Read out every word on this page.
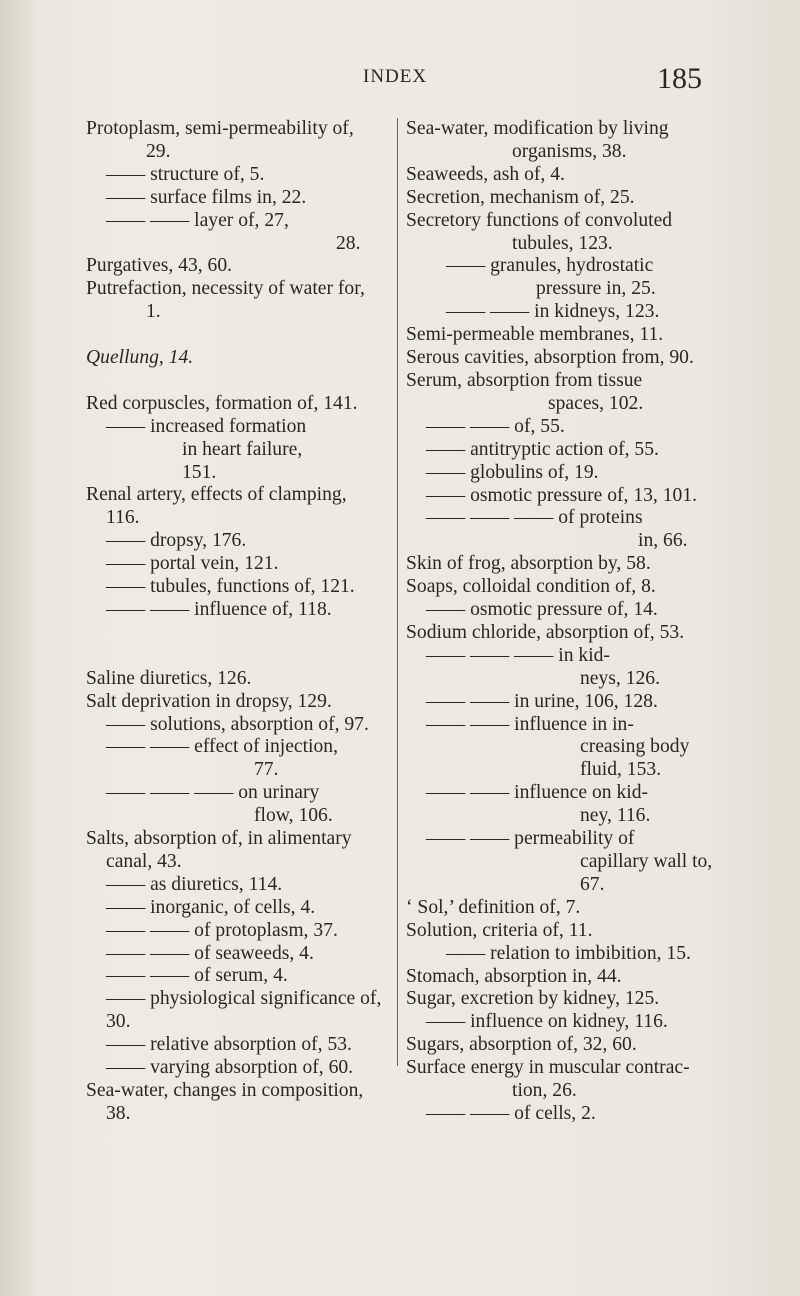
INDEX	185
Protoplasm, semi-permeability of,
29.
—— structure of, 5.
—— surface films in, 22.
—— —— layer of, 27,
28.
Purgatives, 43, 60.
Putrefaction, necessity of water for,
1.
Quellung, 14.
Red corpuscles, formation of, 141.
—— increased formation
in heart failure,
151.
Renal artery, effects of clamping,
116.
—— dropsy, 176.
—— portal vein, 121.
—— tubules, functions of, 121.
—— —— influence of, 118.
Saline diuretics, 126.
Salt deprivation in dropsy, 129.
—— solutions, absorption of, 97.
—— —— effect of injection,
77.
—— —— —— on urinary
flow, 106.
Salts, absorption of, in alimentary
canal, 43.
—— as diuretics, 114.
—— inorganic, of cells, 4.
—— —— of protoplasm, 37.
—— —— of seaweeds, 4.
—— —— of serum, 4.
—— physiological significance of,
30.
—— relative absorption of, 53.
—— varying absorption of, 60.
Sea-water, changes in composition,
38.
Sea-water, modification by living
organisms, 38.
Seaweeds, ash of, 4.
Secretion, mechanism of, 25.
Secretory functions of convoluted
tubules, 123.
—— granules, hydrostatic
pressure in, 25.
—— —— in kidneys, 123.
Semi-permeable membranes, 11.
Serous cavities, absorption from, 90.
Serum, absorption from tissue
spaces, 102.
—— —— of, 55.
—— antitryptic action of, 55.
—— globulins of, 19.
—— osmotic pressure of, 13, 101.
—— —— —— of proteins
in, 66.
Skin of frog, absorption by, 58.
Soaps, colloidal condition of, 8.
—— osmotic pressure of, 14.
Sodium chloride, absorption of, 53.
—— —— —— in kid-
neys, 126.
—— —— in urine, 106, 128.
—— —— influence in in-
creasing body
fluid, 153.
—— —— influence on kid-
ney, 116.
—— —— permeability of
capillary wall to,
67.
‘ Sol,’ definition of, 7.
Solution, criteria of, 11.
—— relation to imbibition, 15.
Stomach, absorption in, 44.
Sugar, excretion by kidney, 125.
—— influence on kidney, 116.
Sugars, absorption of, 32, 60.
Surface energy in muscular contrac-
tion, 26.
—— —— of cells, 2.
